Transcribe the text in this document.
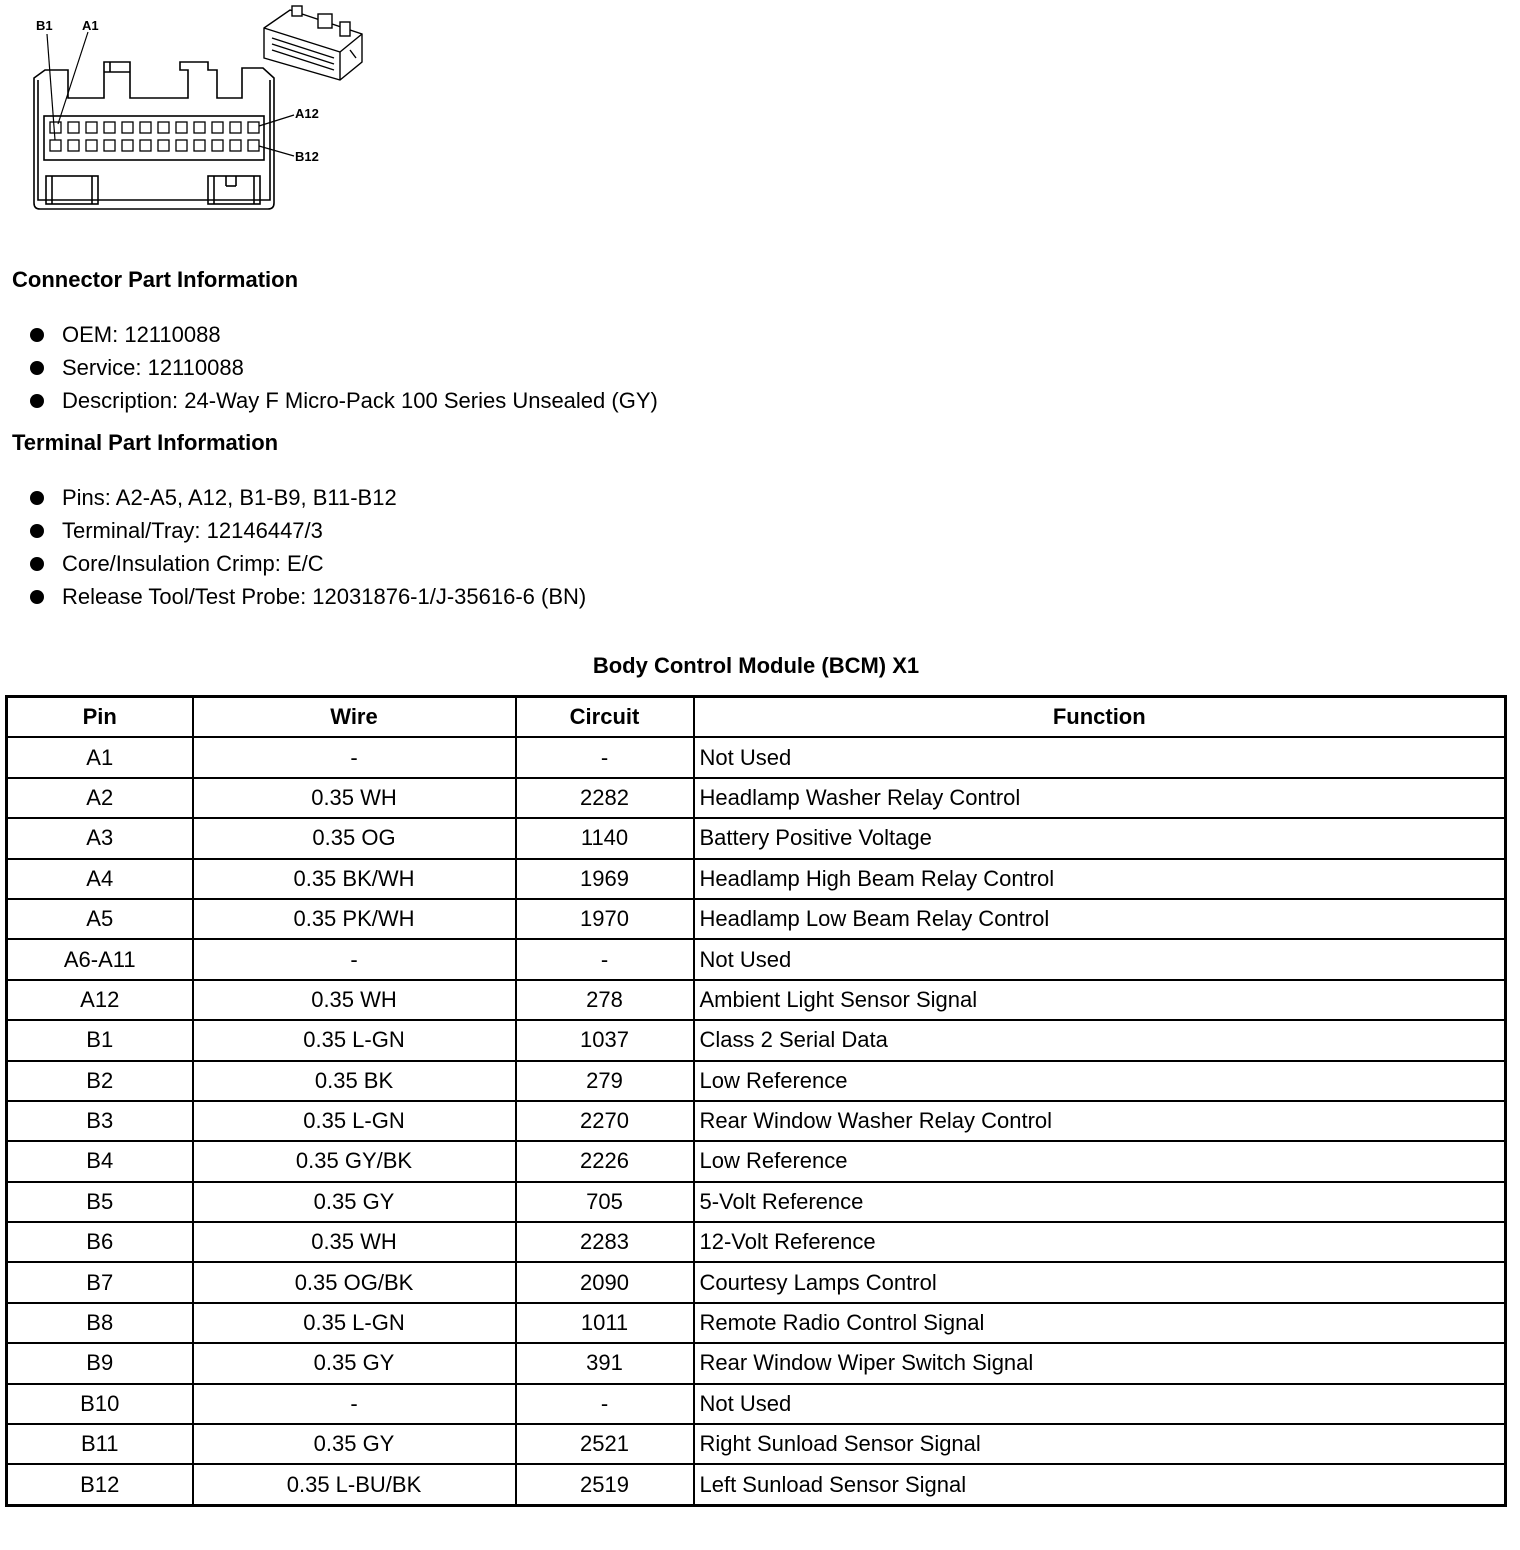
B1 A1
A12
B12
Connector Part Information
OEM: 12110088
Service: 12110088
Description: 24-Way F Micro-Pack 100 Series Unsealed (GY)
Terminal Part Information
Pins: A2-A5, A12, B1-B9, B11-B12
Terminal/Tray: 12146447/3
Core/Insulation Crimp: E/C
Release Tool/Test Probe: 12031876-1/J-35616-6 (BN)
Body Control Module (BCM) X1
Pin	Wire	Circuit	Function
A1	-	-	Not Used
A2	0.35 WH	2282	Headlamp Washer Relay Control
A3	0.35 OG	1140	Battery Positive Voltage
A4	0.35 BK/WH	1969	Headlamp High Beam Relay Control
A5	0.35 PK/WH	1970	Headlamp Low Beam Relay Control
A6-A11	-	-	Not Used
A12	0.35 WH	278	Ambient Light Sensor Signal
B1	0.35 L-GN	1037	Class 2 Serial Data
B2	0.35 BK	279	Low Reference
B3	0.35 L-GN	2270	Rear Window Washer Relay Control
B4	0.35 GY/BK	2226	Low Reference
B5	0.35 GY	705	5-Volt Reference
B6	0.35 WH	2283	12-Volt Reference
B7	0.35 OG/BK	2090	Courtesy Lamps Control
B8	0.35 L-GN	1011	Remote Radio Control Signal
B9	0.35 GY	391	Rear Window Wiper Switch Signal
B10	-	-	Not Used
B11	0.35 GY	2521	Right Sunload Sensor Signal
B12	0.35 L-BU/BK	2519	Left Sunload Sensor Signal
